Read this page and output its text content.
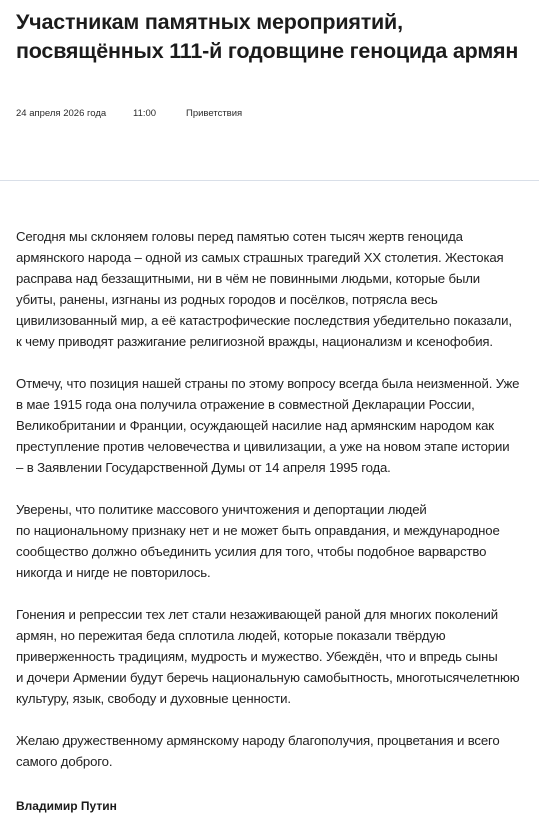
Участникам памятных мероприятий, посвящённых 111-й годовщине геноцида армян
24 апреля 2026 года	11:00	Приветствия

Сегодня мы склоняем головы перед памятью сотен тысяч жертв геноцида
армянского народа – одной из самых страшных трагедий XX столетия. Жестокая
расправа над беззащитными, ни в чём не повинными людьми, которые были
убиты, ранены, изгнаны из родных городов и посёлков, потрясла весь
цивилизованный мир, а её катастрофические последствия убедительно показали,
к чему приводят разжигание религиозной вражды, национализм и ксенофобия.

Отмечу, что позиция нашей страны по этому вопросу всегда была неизменной. Уже
в мае 1915 года она получила отражение в совместной Декларации России,
Великобритании и Франции, осуждающей насилие над армянским народом как
преступление против человечества и цивилизации, а уже на новом этапе истории
– в Заявлении Государственной Думы от 14 апреля 1995 года.

Уверены, что политике массового уничтожения и депортации людей
по национальному признаку нет и не может быть оправдания, и международное
сообщество должно объединить усилия для того, чтобы подобное варварство
никогда и нигде не повторилось.

Гонения и репрессии тех лет стали незаживающей раной для многих поколений
армян, но пережитая беда сплотила людей, которые показали твёрдую
приверженность традициям, мудрость и мужество. Убеждён, что и впредь сыны
и дочери Армении будут беречь национальную самобытность, многотысячелетнюю
культуру, язык, свободу и духовные ценности.

Желаю дружественному армянскому народу благополучия, процветания и всего
самого доброго.

Владимир Путин
